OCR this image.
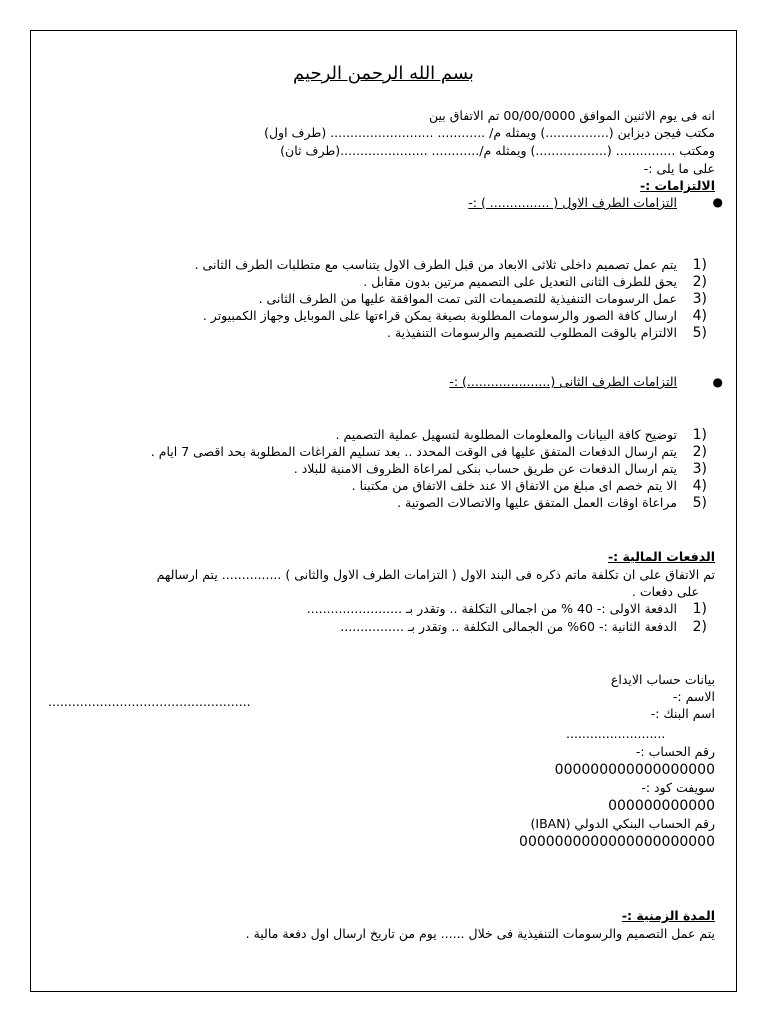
بسم الله الرحمن الرحيم
انه فى يوم الاثنين الموافق 00/00/0000 تم الاتفاق بين
مكتب فيجن ديزاين (................) ويمثله م/ ............ .......................... (طرف اول)
ومكتب ............... (..................) ويمثله م/............ ......................(طرف ثان)
على ما يلى :-
الالتزامات :-
●
التزامات الطرف الاول ( ............... ) :-
1)
يتم عمل تصميم داخلى ثلاثى الابعاد من قبل الطرف الاول يتناسب مع متطلبات الطرف الثانى .
2)
يحق للطرف الثانى التعديل على التصميم مرتين بدون مقابل .
3)
عمل الرسومات التنفيذية للتصميمات التى تمت الموافقة عليها من الطرف الثانى .
4)
ارسال كافة الصور والرسومات المطلوبة بصيغة يمكن قراءتها على الموبايل وجهاز الكمبيوتر .
5)
الالتزام بالوقت المطلوب للتصميم والرسومات التنفيذية .
●
التزامات الطرف الثانى (.....................) :-
1)
توضيح كافة البيانات والمعلومات المطلوبة لتسهيل عملية التصميم .
2)
يتم ارسال الدفعات المتفق عليها فى الوقت المحدد .. بعد تسليم الفراغات المطلوبة بحد اقصى 7 ايام .
3)
يتم ارسال الدفعات عن طريق حساب بنكى لمراعاة الظروف الامنية للبلاد .
4)
الا يتم خصم اى مبلغ من الاتفاق الا عند خلف الاتفاق من مكتبنا .
5)
مراعاة اوقات العمل المتفق عليها والاتصالات الصوتية .
الدفعات المالية :-
تم الاتفاق على ان تكلفة ماتم ذكره فى البند الاول ( التزامات الطرف الاول والثانى ) ............... يتم ارسالهم
على دفعات .
1)
الدفعة الاولى :- 40 % من اجمالى التكلفة .. وتقدر بـ ........................
2)
الدفعة الثانية :- 60% من الجمالى التكلفة .. وتقدر بـ ................
بيانات حساب الايداع
الاسم :-
...................................................
اسم البنك :-
.........................
رقم الحساب :-
000000000000000000
سويفت كود :-
000000000000
رقم الحساب البنكي الدولي (IBAN)
0000000000000000000000
المدة الزمنية :-
يتم عمل التصميم والرسومات التنفيذية فى خلال ...... يوم من تاريخ ارسال اول دفعة مالية .
